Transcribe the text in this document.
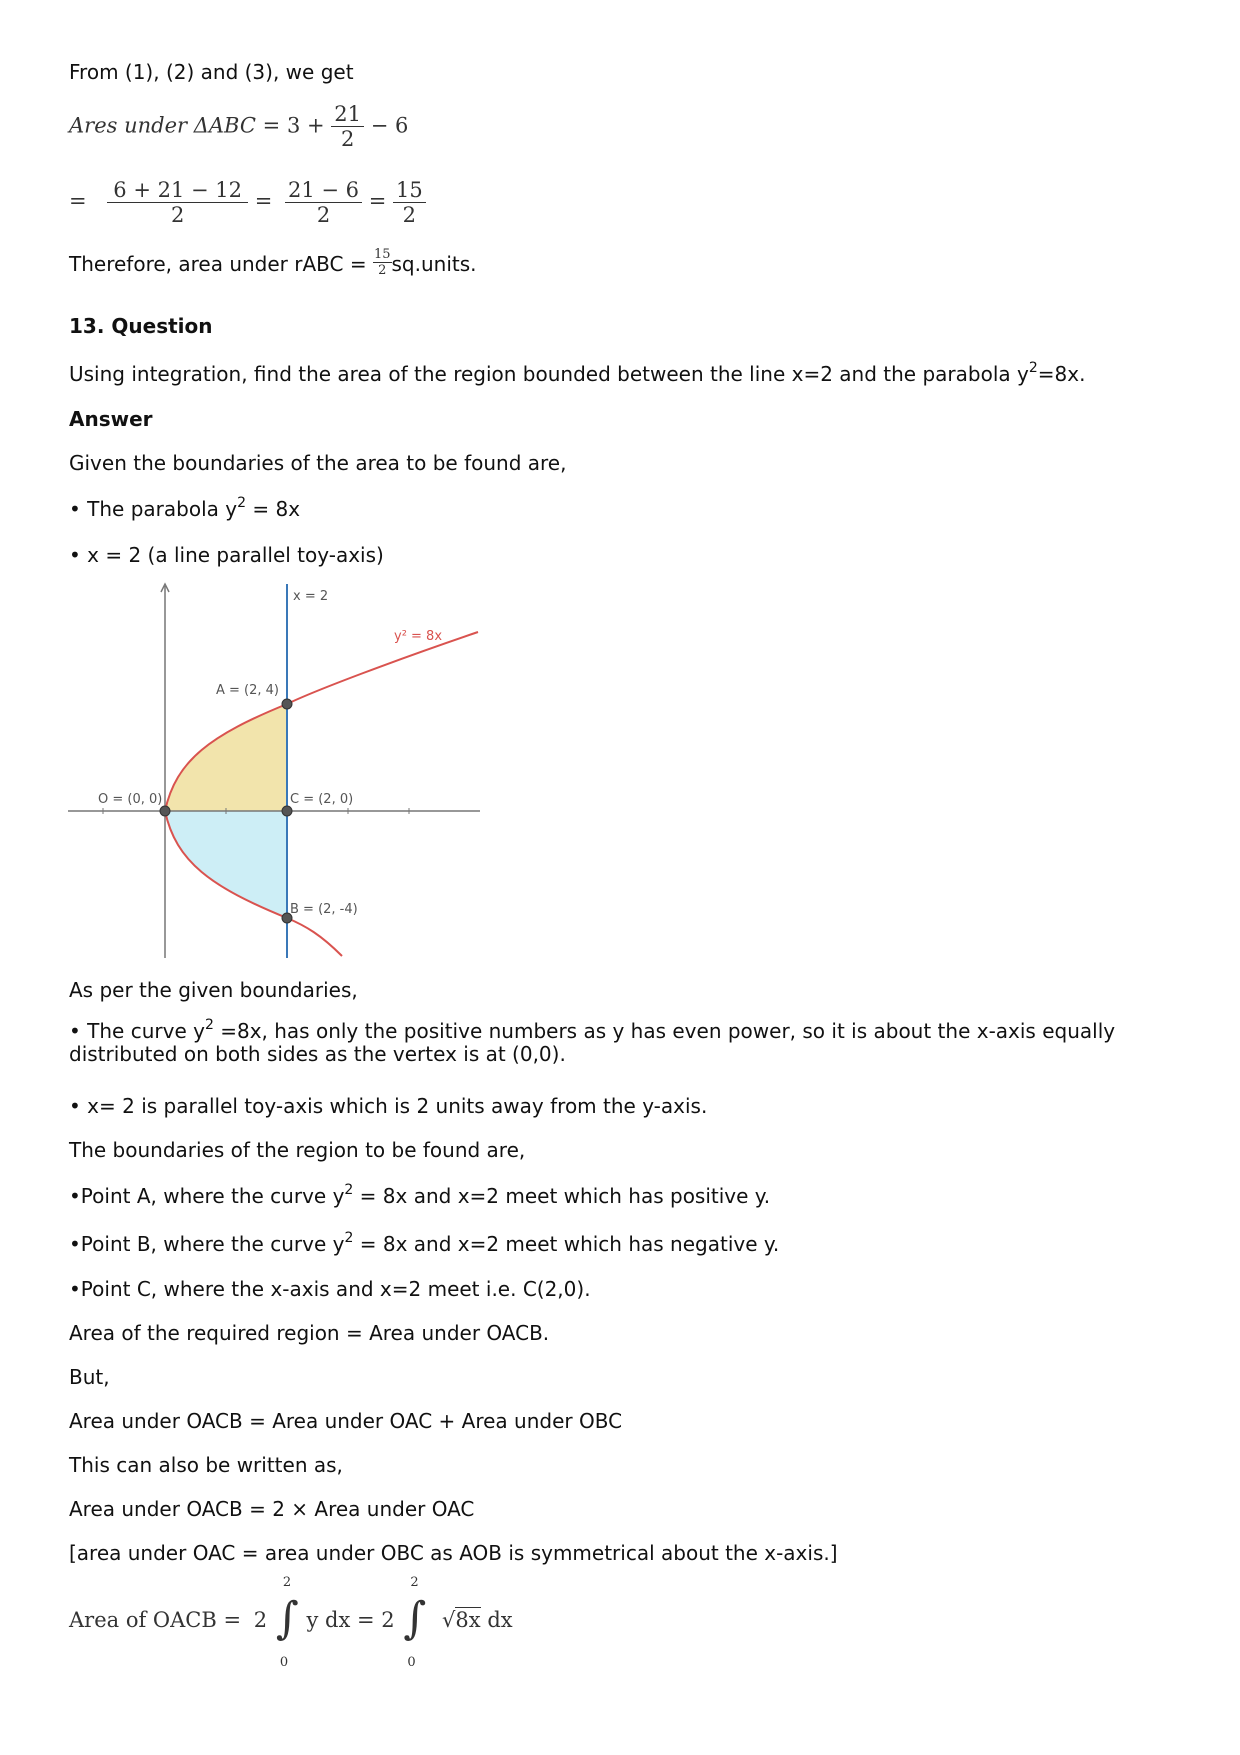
From (1), (2) and (3), we get
Ares under $\Delta ABC = 3 + \frac{21}{2} - 6$
= $\frac{6 + 21 - 12}{2} = \frac{21 - 6}{2} = \frac{15}{2}$
Therefore, area under rABC = $\frac{15}{2}$ sq.units.
13. Question
Using integration, find the area of the region bounded between the line x=2 and the parabola $y^2=8x$.
Answer
Given the boundaries of the area to be found are,
• The parabola $y^2 = 8x$
• x = 2 (a line parallel toy-axis)
x = 2
y² = 8x
A = (2, 4)
O = (0, 0)	C = (2, 0)
B = (2, -4)
As per the given boundaries,
• The curve $y^2 =8x$, has only the positive numbers as y has even power, so it is about the x-axis equally distributed on both sides as the vertex is at (0,0).
• x= 2 is parallel toy-axis which is 2 units away from the y-axis.
The boundaries of the region to be found are,
•Point A, where the curve $y^2 = 8x$ and x=2 meet which has positive y.
•Point B, where the curve $y^2 = 8x$ and x=2 meet which has negative y.
•Point C, where the x-axis and x=2 meet i.e. C(2,0).
Area of the required region = Area under OACB.
But,
Area under OACB = Area under OAC + Area under OBC
This can also be written as,
Area under OACB = 2 × Area under OAC
[area under OAC = area under OBC as AOB is symmetrical about the x-axis.]
Area of OACB = 2
2
∫
0
y dx = 2
2
∫
0
√8x dx
